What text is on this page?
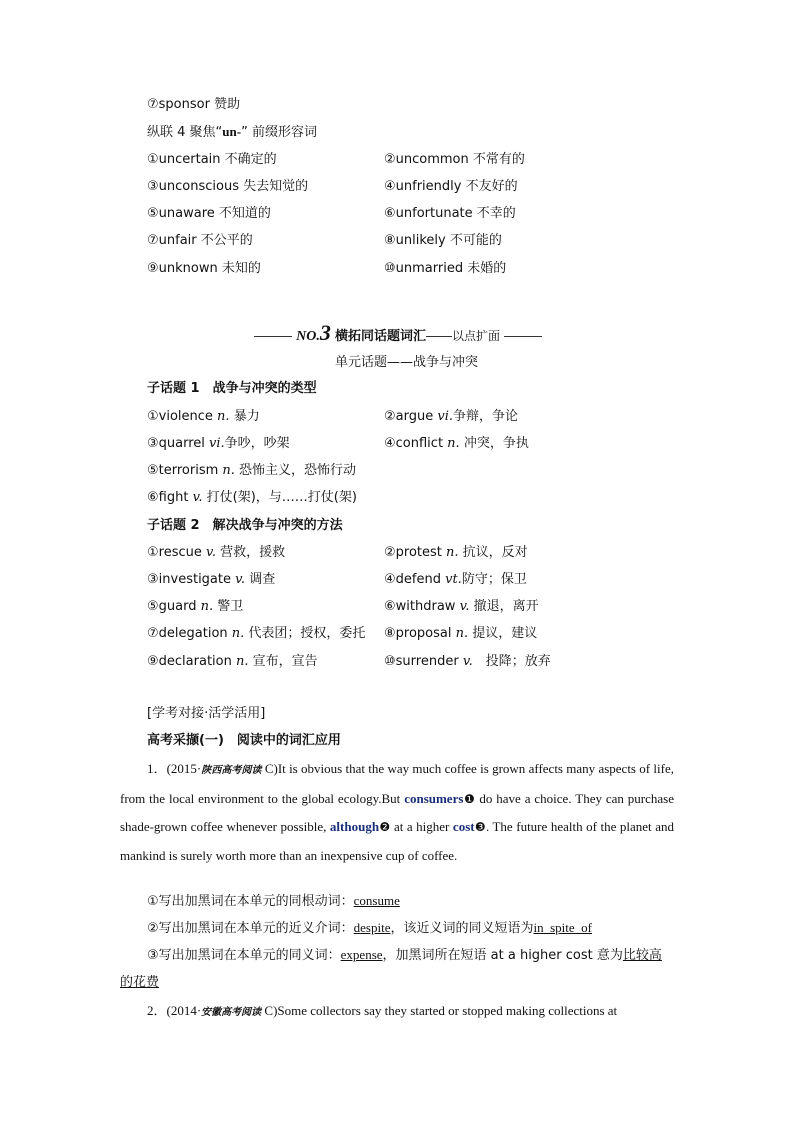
⑦sponsor 赞助
纵联 4 聚焦“un-” 前缀形容词
①uncertain 不确定的	②uncommon 不常有的
③unconscious 失去知觉的	④unfriendly 不友好的
⑤unaware 不知道的	⑥unfortunate 不幸的
⑦unfair 不公平的	⑧unlikely 不可能的
⑨unknown 未知的	⑩unmarried 未婚的
NO.3 横拓同话题词汇 以点扩面
单元话题——战争与冲突
子话题 1　战争与冲突的类型
①violence n. 暴力	②argue vi.争辩，争论
③quarrel vi.争吵，吵架	④conflict n. 冲突，争执
⑤terrorism n. 恐怖主义，恐怖行动
⑥fight v. 打仗(架)，与……打仗(架)
子话题 2　解决战争与冲突的方法
①rescue v. 营救，援救	②protest n. 抗议，反对
③investigate v. 调查	④defend vt.防守；保卫
⑤guard n. 警卫	⑥withdraw v. 撤退，离开
⑦delegation n. 代表团；授权，委托 ⑧proposal n. 提议，建议
⑨declaration n. 宣布，宣告	⑩surrender v.　投降；放弃
[学考对接·活学活用]
高考采撷(一)　阅读中的词汇应用
1．(2015·陕西高考阅读 C)It is obvious that the way much coffee is grown affects many aspects of life, from the local environment to the global ecology.But consumers❶ do have a choice. They can purchase shade-grown coffee whenever possible, although❷ at a higher cost❸. The future health of the planet and mankind is surely worth more than an inexpensive cup of coffee.
①写出加黑词在本单元的同根动词：consume
②写出加黑词在本单元的近义介词：despite，该近义词的同义短语为in_spite_of
③写出加黑词在本单元的同义词：expense，加黑词所在短语 at a higher cost 意为比较高
的花费
2．(2014·安徽高考阅读 C)Some collectors say they started or stopped making collections at
